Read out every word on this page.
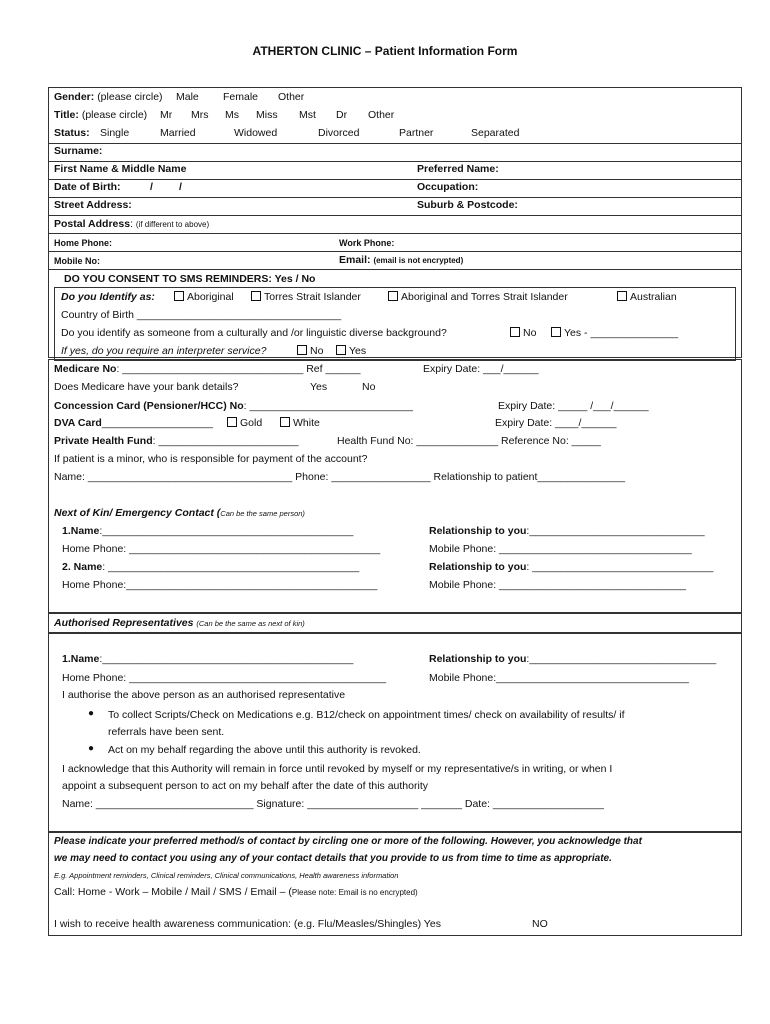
ATHERTON CLINIC – Patient Information Form
Gender: (please circle) Male Female Other
Title: (please circle) Mr Mrs Ms Miss Mst Dr Other
Status: Single	Married	Widowed	Divorced	Partner	Separated
Surname:
First Name & Middle Name	Preferred Name:
Date of Birth:	/ /	Occupation:
Street Address:	Suburb & Postcode:
Postal Address: (if different to above)
Home Phone:	Work Phone:
Mobile No:	Email: (email is not encrypted)
DO YOU CONSENT TO SMS REMINDERS: Yes / No
Do you Identify as:	Aboriginal	Torres Strait Islander	Aboriginal and Torres Strait Islander	Australian
Country of Birth ___________________________________
Do you identify as someone from a culturally and /or linguistic diverse background?	No	Yes - _______________
If yes, do you require an interpreter service?	No	Yes
Medicare No: _______________________________ Ref ______	Expiry Date: ___/______
Does Medicare have your bank details?	Yes	No
Concession Card (Pensioner/HCC) No: ____________________________	Expiry Date: _____ /___/______
DVA Card___________________	Gold	White	Expiry Date: ____/______
Private Health Fund: ________________________	Health Fund No: ______________ Reference No: _____
If patient is a minor, who is responsible for payment of the account?
Name: ___________________________________ Phone: _________________ Relationship to patient_______________
Next of Kin/ Emergency Contact (Can be the same person)
1.Name:___________________________________________	Relationship to you:______________________________
Home Phone: ___________________________________________	Mobile Phone: _________________________________
2. Name: ___________________________________________	Relationship to you: _______________________________
Home Phone:___________________________________________	Mobile Phone: ________________________________
Authorised Representatives (Can be the same as next of kin)
1.Name:___________________________________________	Relationship to you:________________________________
Home Phone: ____________________________________________	Mobile Phone:_________________________________
I authorise the above person as an authorised representative
● To collect Scripts/Check on Medications e.g. B12/check on appointment times/ check on availability of results/ if
referrals have been sent.
● Act on my behalf regarding the above until this authority is revoked.
I acknowledge that this Authority will remain in force until revoked by myself or my representative/s in writing, or when I
appoint a subsequent person to act on my behalf after the date of this authority
Name: ___________________________ Signature: ___________________ _______ Date: ___________________
Please indicate your preferred method/s of contact by circling one or more of the following. However, you acknowledge that
we may need to contact you using any of your contact details that you provide to us from time to time as appropriate.
E.g. Appointment reminders, Clinical reminders, Clinical communications, Health awareness information
Call: Home - Work – Mobile / Mail / SMS / Email – (Please note: Email is no encrypted)
I wish to receive health awareness communication: (e.g. Flu/Measles/Shingles) Yes	NO
